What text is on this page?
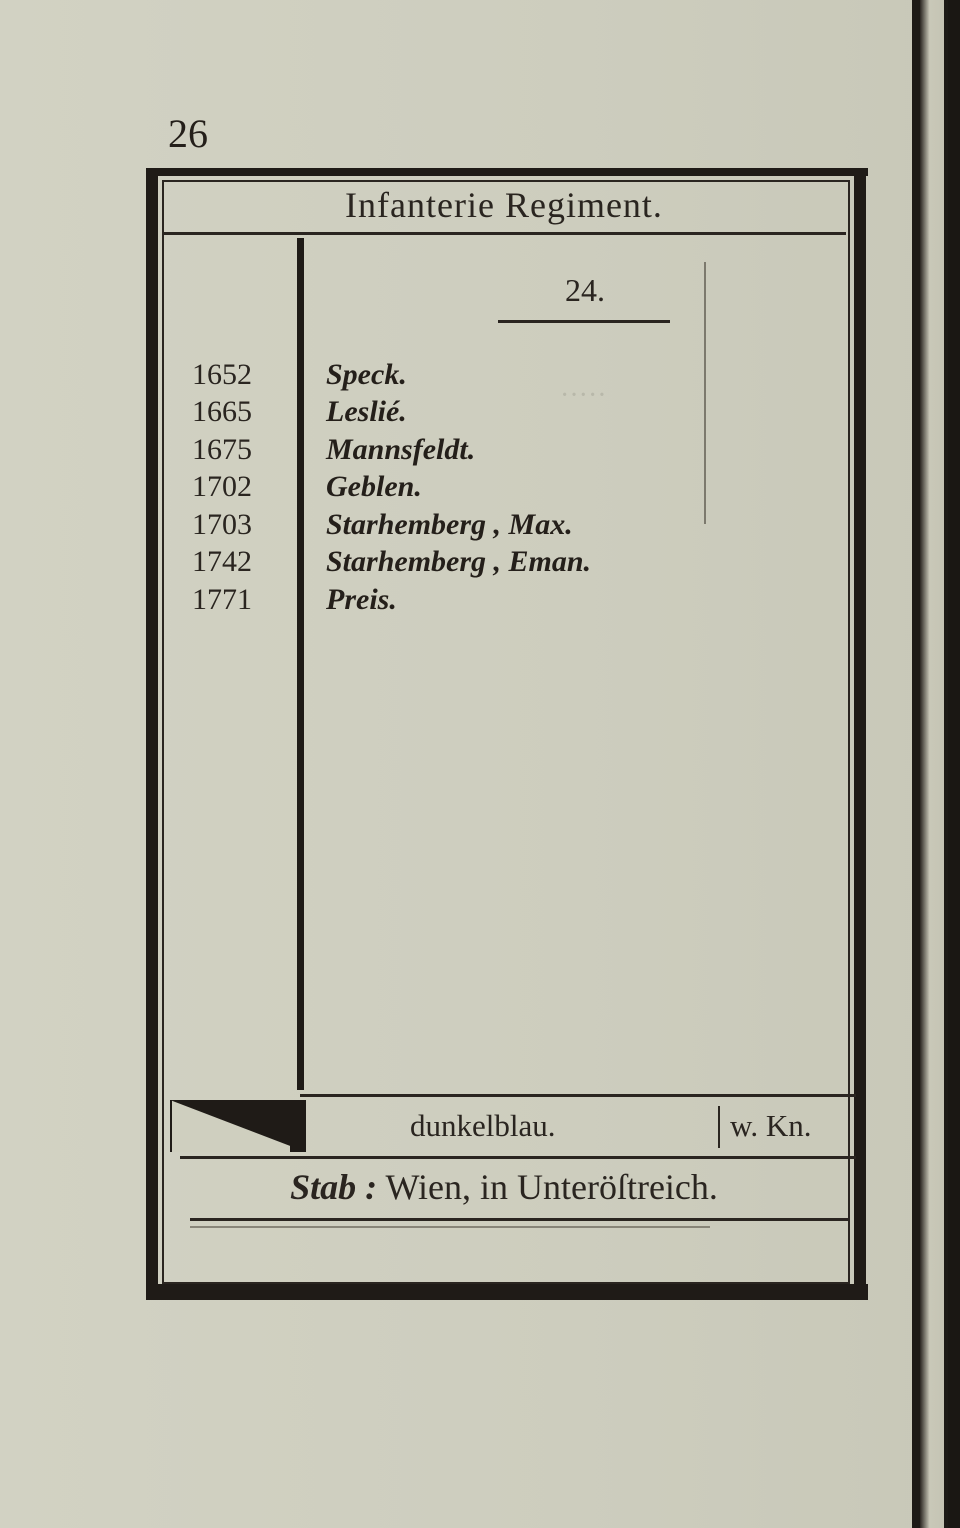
·····
26
Infanterie Regiment.
24.
1652	Speck.
1665	Leslié.
1675	Mannsfeldt.
1702	Geblen.
1703	Starhemberg , Max.
1742	Starhemberg , Eman.
1771	Preis.
dunkelblau.	w. Kn.
Stab : Wien, in Unteröſtreich.
